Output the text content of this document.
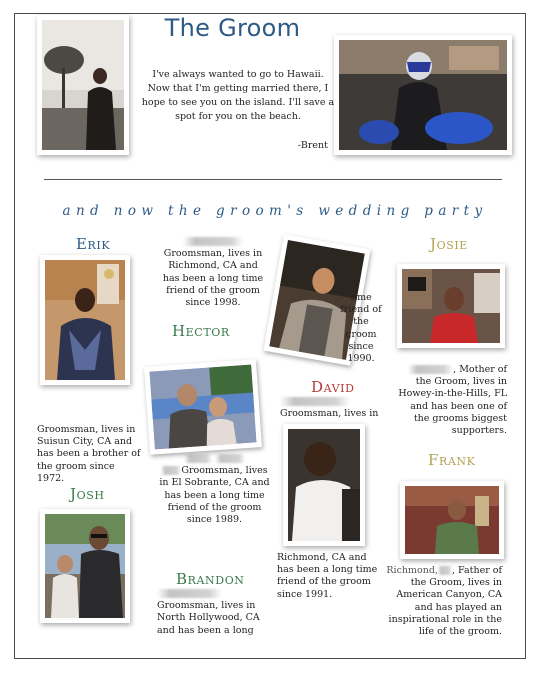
The Groom
I've always wanted to go to Hawaii. Now that I'm getting married there, I hope to see you on the island. I'll save a spot for you on the beach.
-Brent
and now the groom's wedding party
Erik
Groomsman, lives in Suisun City, CA and has been a brother of the groom since 1972.

Groomsman, lives in Richmond, CA and has been a long time friend of the groom since 1998.
Hector
time friend of the groom since 1990.
Josie
, Mother of the Groom, lives in Howey-in-the-Hills, FL and has been one of the grooms biggest supporters.
David

Groomsman, lives in
Richmond, CA and has been a long time friend of the groom since 1991.

Groomsman, lives in El Sobrante, CA and has been a long time friend of the groom since 1989.
Josh
Brandon

Groomsman, lives in North Hollywood, CA and has been a long
Frank
Richmond, , Father of the Groom, lives in American Canyon, CA and has played an inspirational role in the life of the groom.
